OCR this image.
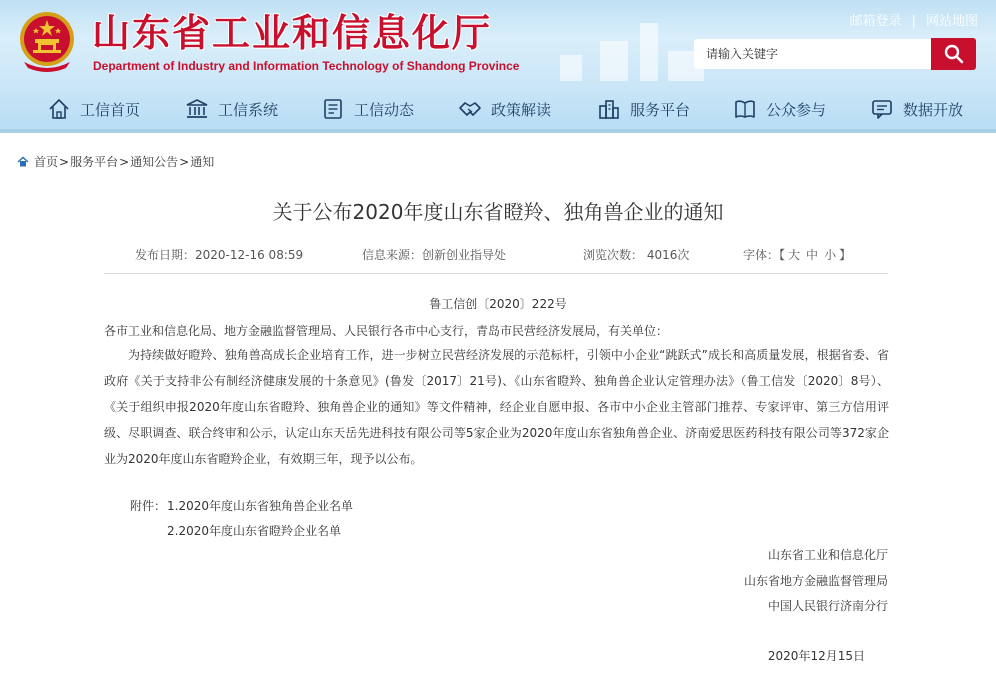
山东省工业和信息化厅
Department of Industry and Information Technology of Shandong Province
邮箱登录 | 网站地图
请输入关键字
工信首页	工信系统	工信动态	政策解读	服务平台	公众参与	数据开放
首页 > 服务平台 > 通知公告 > 通知
关于公布2020年度山东省瞪羚、独角兽企业的通知
发布日期：2020-12-16 08:59	信息来源：创新创业指导处	浏览次数： 4016次	字体：【 大 中 小 】
鲁工信创〔2020〕222号
各市工业和信息化局、地方金融监督管理局、人民银行各市中心支行，青岛市民营经济发展局，有关单位：
为持续做好瞪羚、独角兽高成长企业培育工作，进一步树立民营经济发展的示范标杆，引领中小企业“跳跃式”成长和高质量发展，根据省委、省政府《关于支持非公有制经济健康发展的十条意见》(鲁发〔2017〕21号)、《山东省瞪羚、独角兽企业认定管理办法》（鲁工信发〔2020〕8号）、《关于组织申报2020年度山东省瞪羚、独角兽企业的通知》等文件精神，经企业自愿申报、各市中小企业主管部门推荐、专家评审、第三方信用评级、尽职调查、联合终审和公示，认定山东天岳先进科技有限公司等5家企业为2020年度山东省独角兽企业、济南爱思医药科技有限公司等372家企业为2020年度山东省瞪羚企业，有效期三年，现予以公布。
附件： 1.2020年度山东省独角兽企业名单
2.2020年度山东省瞪羚企业名单
山东省工业和信息化厅
山东省地方金融监督管理局
中国人民银行济南分行
2020年12月15日
